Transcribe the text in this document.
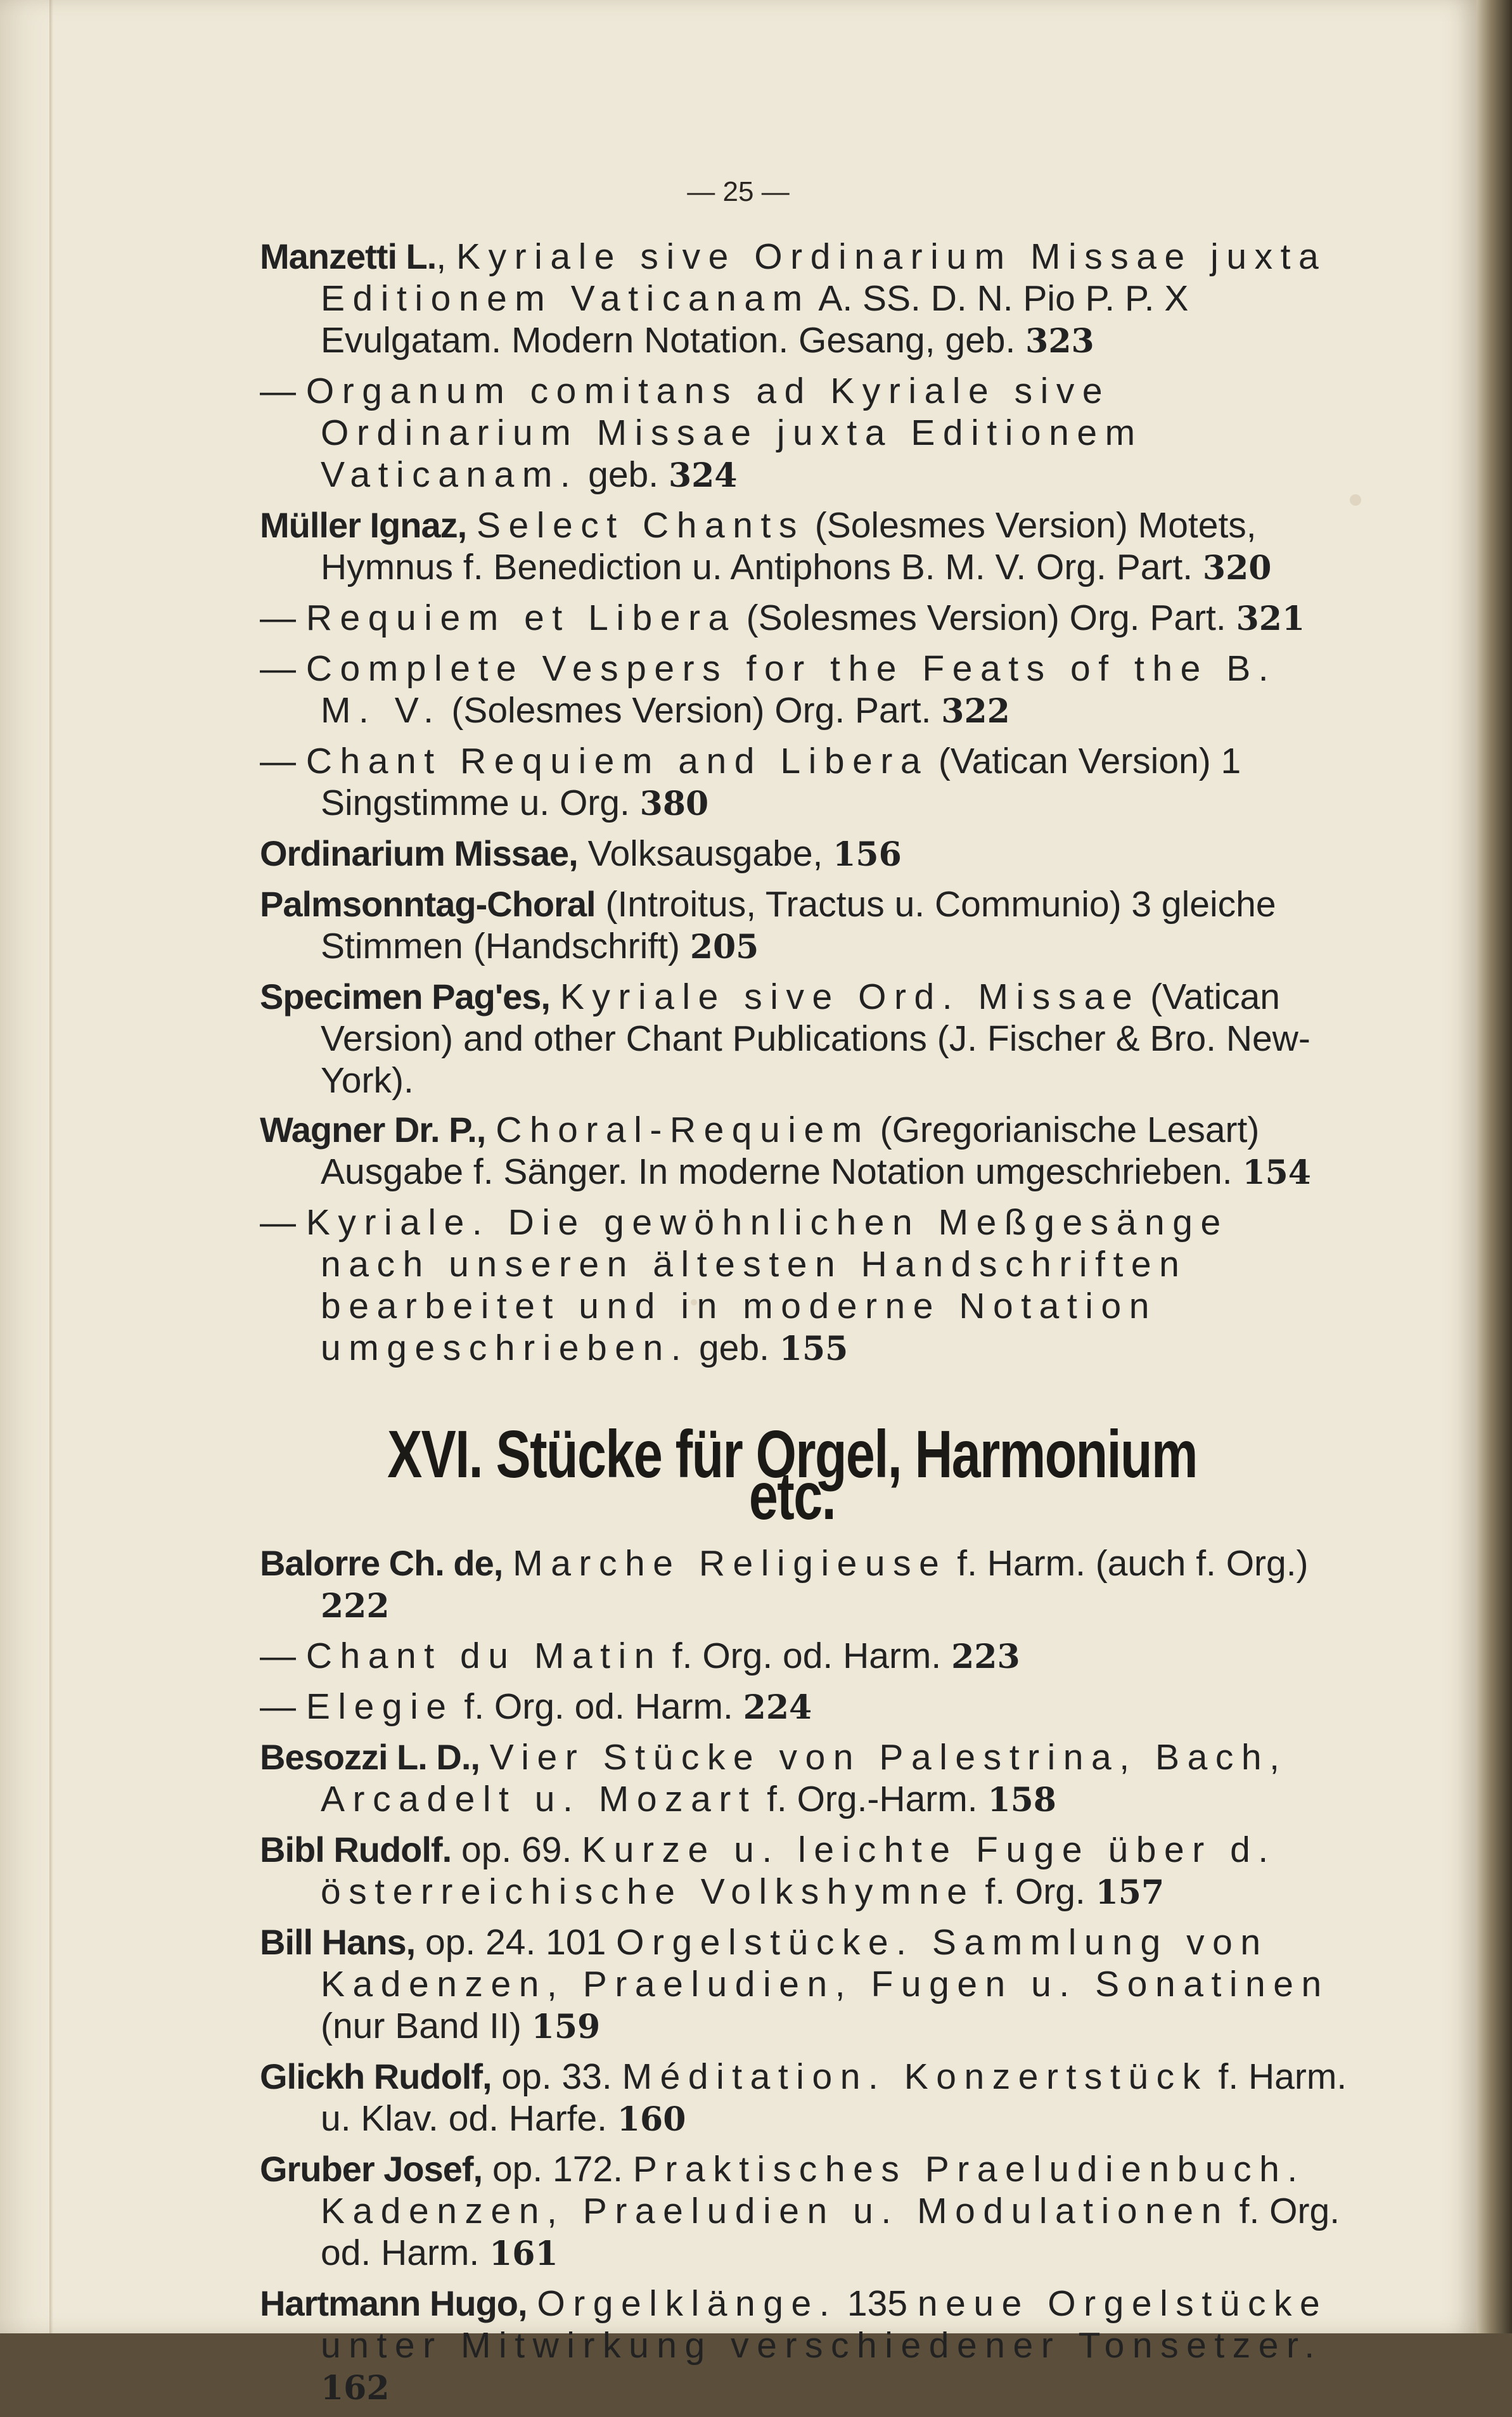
— 25 —
Manzetti L., Kyriale sive Ordinarium Missae juxta Editionem Vaticanam A. SS. D. N. Pio P. P. X Evulgatam. Modern Notation. Gesang, geb. 323
— Organum comitans ad Kyriale sive Ordinarium Missae juxta Editionem Vaticanam. geb. 324
Müller Ignaz, Select Chants (Solesmes Version) Motets, Hymnus f. Benediction u. Antiphons B. M. V. Org. Part. 320
— Requiem et Libera (Solesmes Version) Org. Part. 321
— Complete Vespers for the Feats of the B. M. V. (Solesmes Version) Org. Part. 322
— Chant Requiem and Libera (Vatican Version) 1 Singstimme u. Org. 380
Ordinarium Missae, Volksausgabe, 156
Palmsonntag-Choral (Introitus, Tractus u. Communio) 3 gleiche Stimmen (Handschrift) 205
Specimen Pag'es, Kyriale sive Ord. Missae (Vatican Version) and other Chant Publications (J. Fischer & Bro. New-York).
Wagner Dr. P., Choral-Requiem (Gregorianische Lesart) Ausgabe f. Sänger. In moderne Notation umgeschrieben. 154
— Kyriale. Die gewöhnlichen Meßgesänge nach unseren ältesten Handschriften bearbeitet und in moderne Notation umgeschrieben. geb. 155
XVI. Stücke für Orgel, Harmonium etc.
Balorre Ch. de, Marche Religieuse f. Harm. (auch f. Org.) 222
— Chant du Matin f. Org. od. Harm. 223
— Elegie f. Org. od. Harm. 224
Besozzi L. D., Vier Stücke von Palestrina, Bach, Arcadelt u. Mozart f. Org.-Harm. 158
Bibl Rudolf. op. 69. Kurze u. leichte Fuge über d. österreichische Volkshymne f. Org. 157
Bill Hans, op. 24. 101 Orgelstücke. Sammlung von Kadenzen, Praeludien, Fugen u. Sonatinen (nur Band II) 159
Glickh Rudolf, op. 33. Méditation. Konzertstück f. Harm. u. Klav. od. Harfe. 160
Gruber Josef, op. 172. Praktisches Praeludienbuch. Kadenzen, Praeludien u. Modulationen f. Org. od. Harm. 161
Hartmann Hugo, Orgelklänge. 135 neue Orgelstücke unter Mitwirkung verschiedener Tonsetzer. 162
